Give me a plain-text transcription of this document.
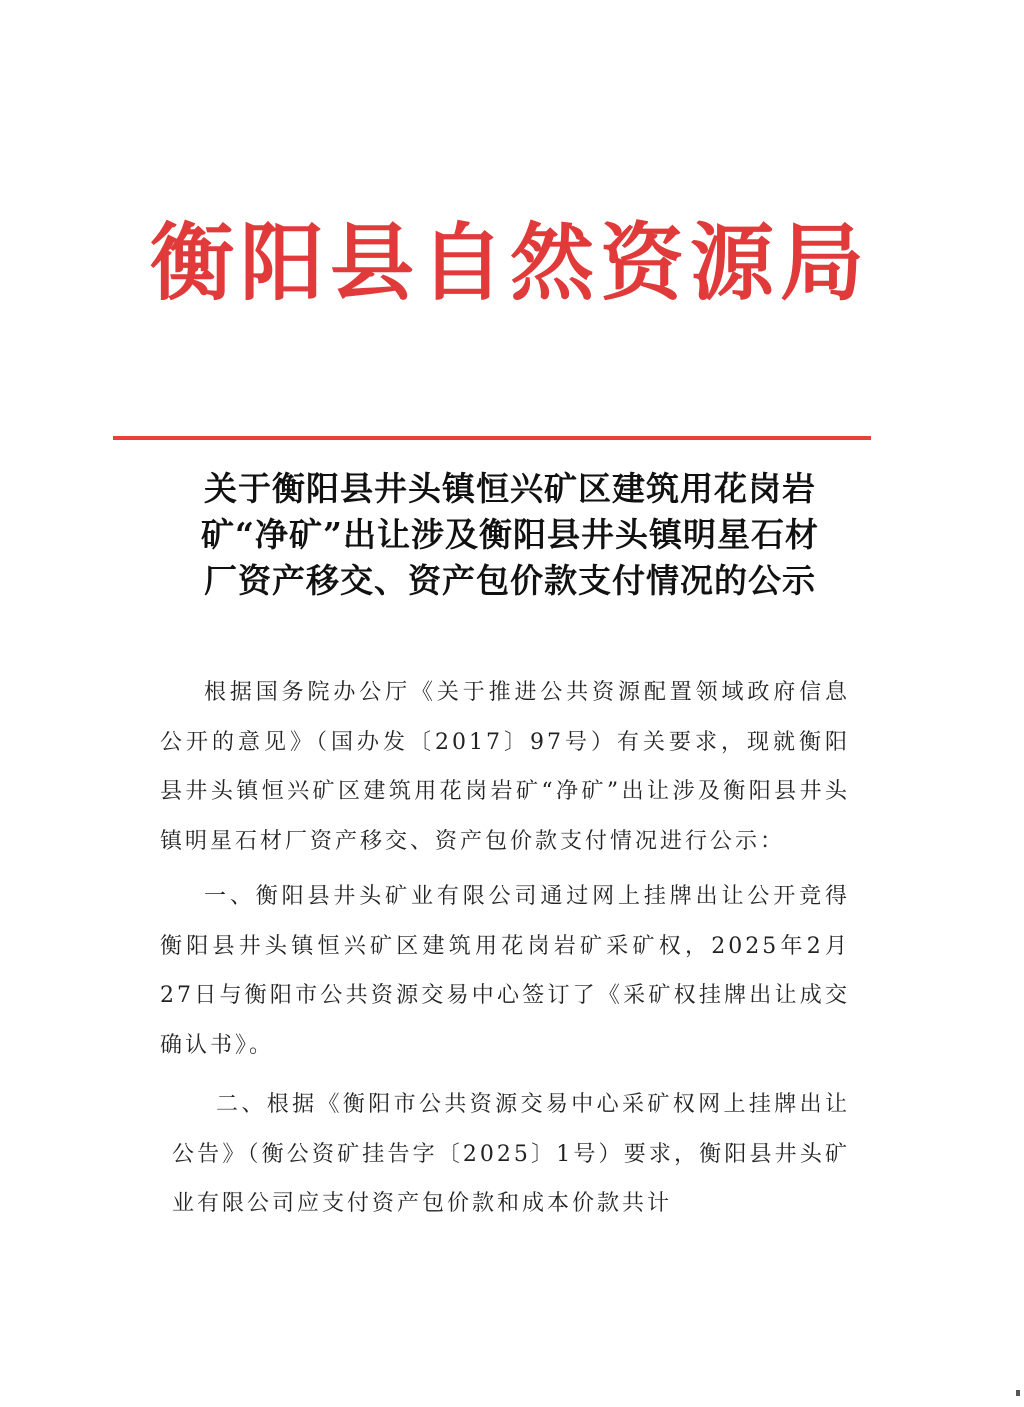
衡阳县自然资源局
关于衡阳县井头镇恒兴矿区建筑用花岗岩
矿“净矿”出让涉及衡阳县井头镇明星石材
厂资产移交、资产包价款支付情况的公示

根据国务院办公厅《关于推进公共资源配置领域政府信息公开的意见》（国办发〔2017〕97号）有关要求，现就衡阳县井头镇恒兴矿区建筑用花岗岩矿“净矿”出让涉及衡阳县井头镇明星石材厂资产移交、资产包价款支付情况进行公示：

一、衡阳县井头矿业有限公司通过网上挂牌出让公开竞得衡阳县井头镇恒兴矿区建筑用花岗岩矿采矿权，2025年2月27日与衡阳市公共资源交易中心签订了《采矿权挂牌出让成交确认书》。

二、根据《衡阳市公共资源交易中心采矿权网上挂牌出让公告》（衡公资矿挂告字〔2025〕1号）要求，衡阳县井头矿业有限公司应支付资产包价款和成本价款共计
